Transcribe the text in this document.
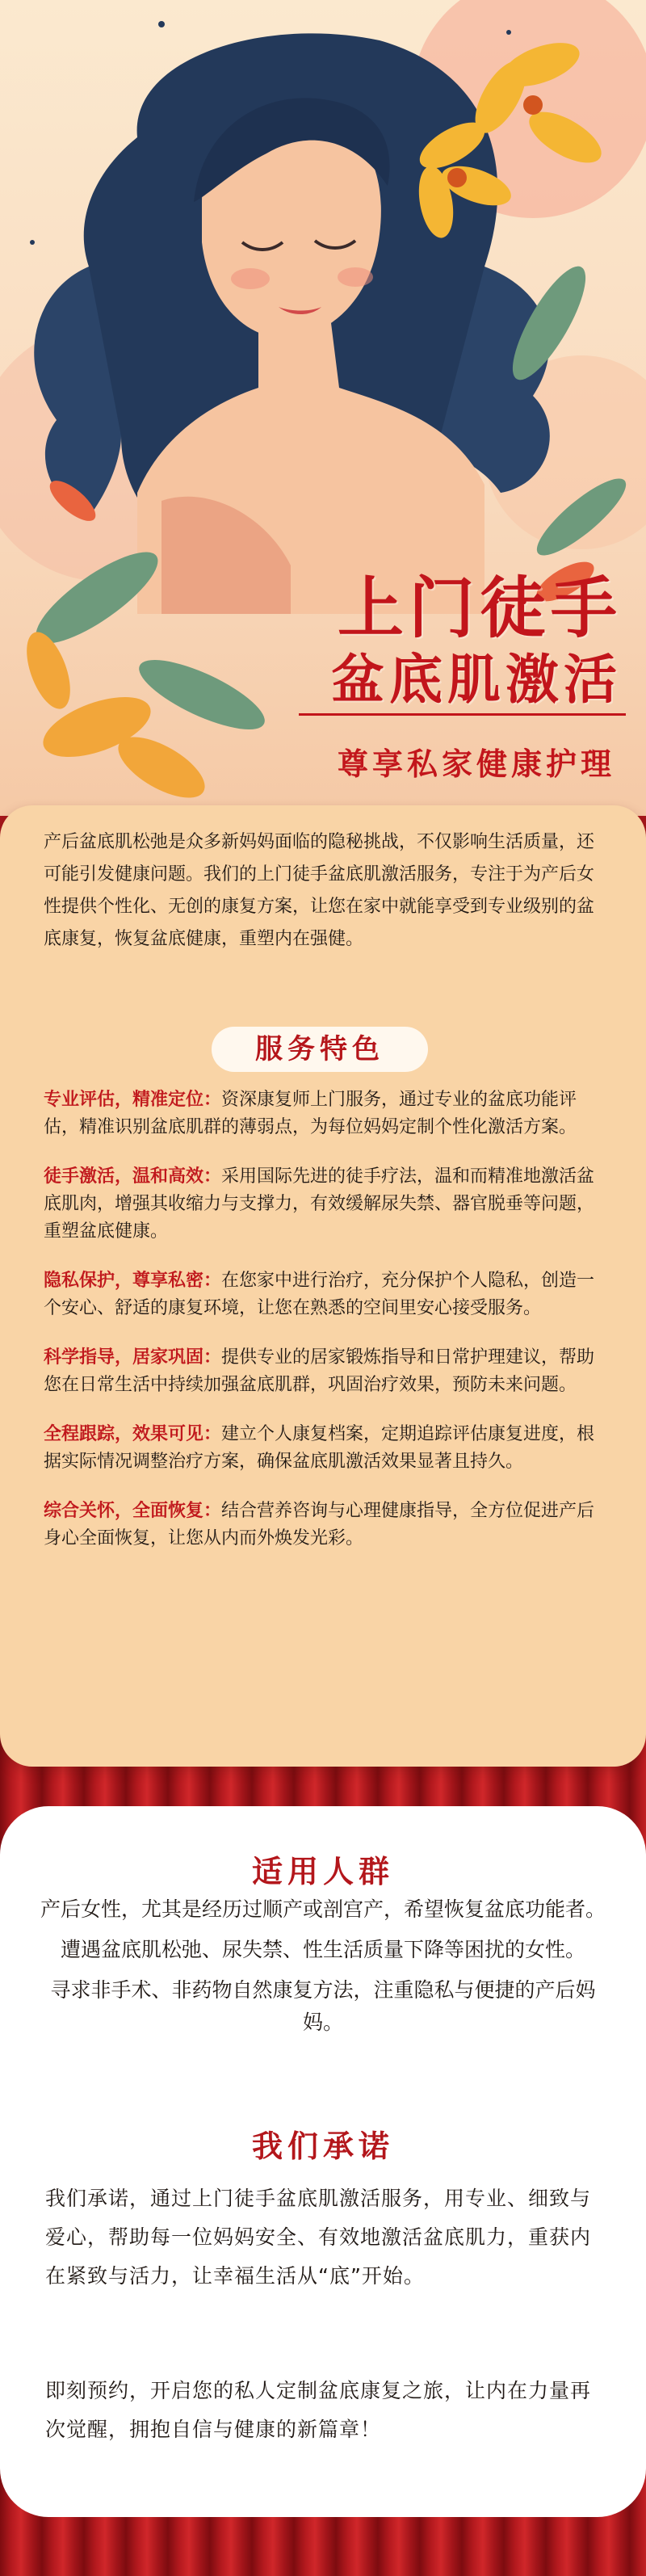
上门徒手
盆底肌激活
尊享私家健康护理

产后盆底肌松弛是众多新妈妈面临的隐秘挑战，不仅影响生活质量，还可能引发健康问题。我们的上门徒手盆底肌激活服务，专注于为产后女性提供个性化、无创的康复方案，让您在家中就能享受到专业级别的盆底康复，恢复盆底健康，重塑内在强健。

服务特色
专业评估，精准定位：资深康复师上门服务，通过专业的盆底功能评估，精准识别盆底肌群的薄弱点，为每位妈妈定制个性化激活方案。
徒手激活，温和高效：采用国际先进的徒手疗法，温和而精准地激活盆底肌肉，增强其收缩力与支撑力，有效缓解尿失禁、器官脱垂等问题，重塑盆底健康。
隐私保护，尊享私密：在您家中进行治疗，充分保护个人隐私，创造一个安心、舒适的康复环境，让您在熟悉的空间里安心接受服务。
科学指导，居家巩固：提供专业的居家锻炼指导和日常护理建议，帮助您在日常生活中持续加强盆底肌群，巩固治疗效果，预防未来问题。
全程跟踪，效果可见：建立个人康复档案，定期追踪评估康复进度，根据实际情况调整治疗方案，确保盆底肌激活效果显著且持久。
综合关怀，全面恢复：结合营养咨询与心理健康指导，全方位促进产后身心全面恢复，让您从内而外焕发光彩。
适用人群
产后女性，尤其是经历过顺产或剖宫产，希望恢复盆底功能者。
遭遇盆底肌松弛、尿失禁、性生活质量下降等困扰的女性。
寻求非手术、非药物自然康复方法，注重隐私与便捷的产后妈妈。
我们承诺

我们承诺，通过上门徒手盆底肌激活服务，用专业、细致与爱心，帮助每一位妈妈安全、有效地激活盆底肌力，重获内在紧致与活力，让幸福生活从“底”开始。

即刻预约，开启您的私人定制盆底康复之旅，让内在力量再次觉醒，拥抱自信与健康的新篇章！
